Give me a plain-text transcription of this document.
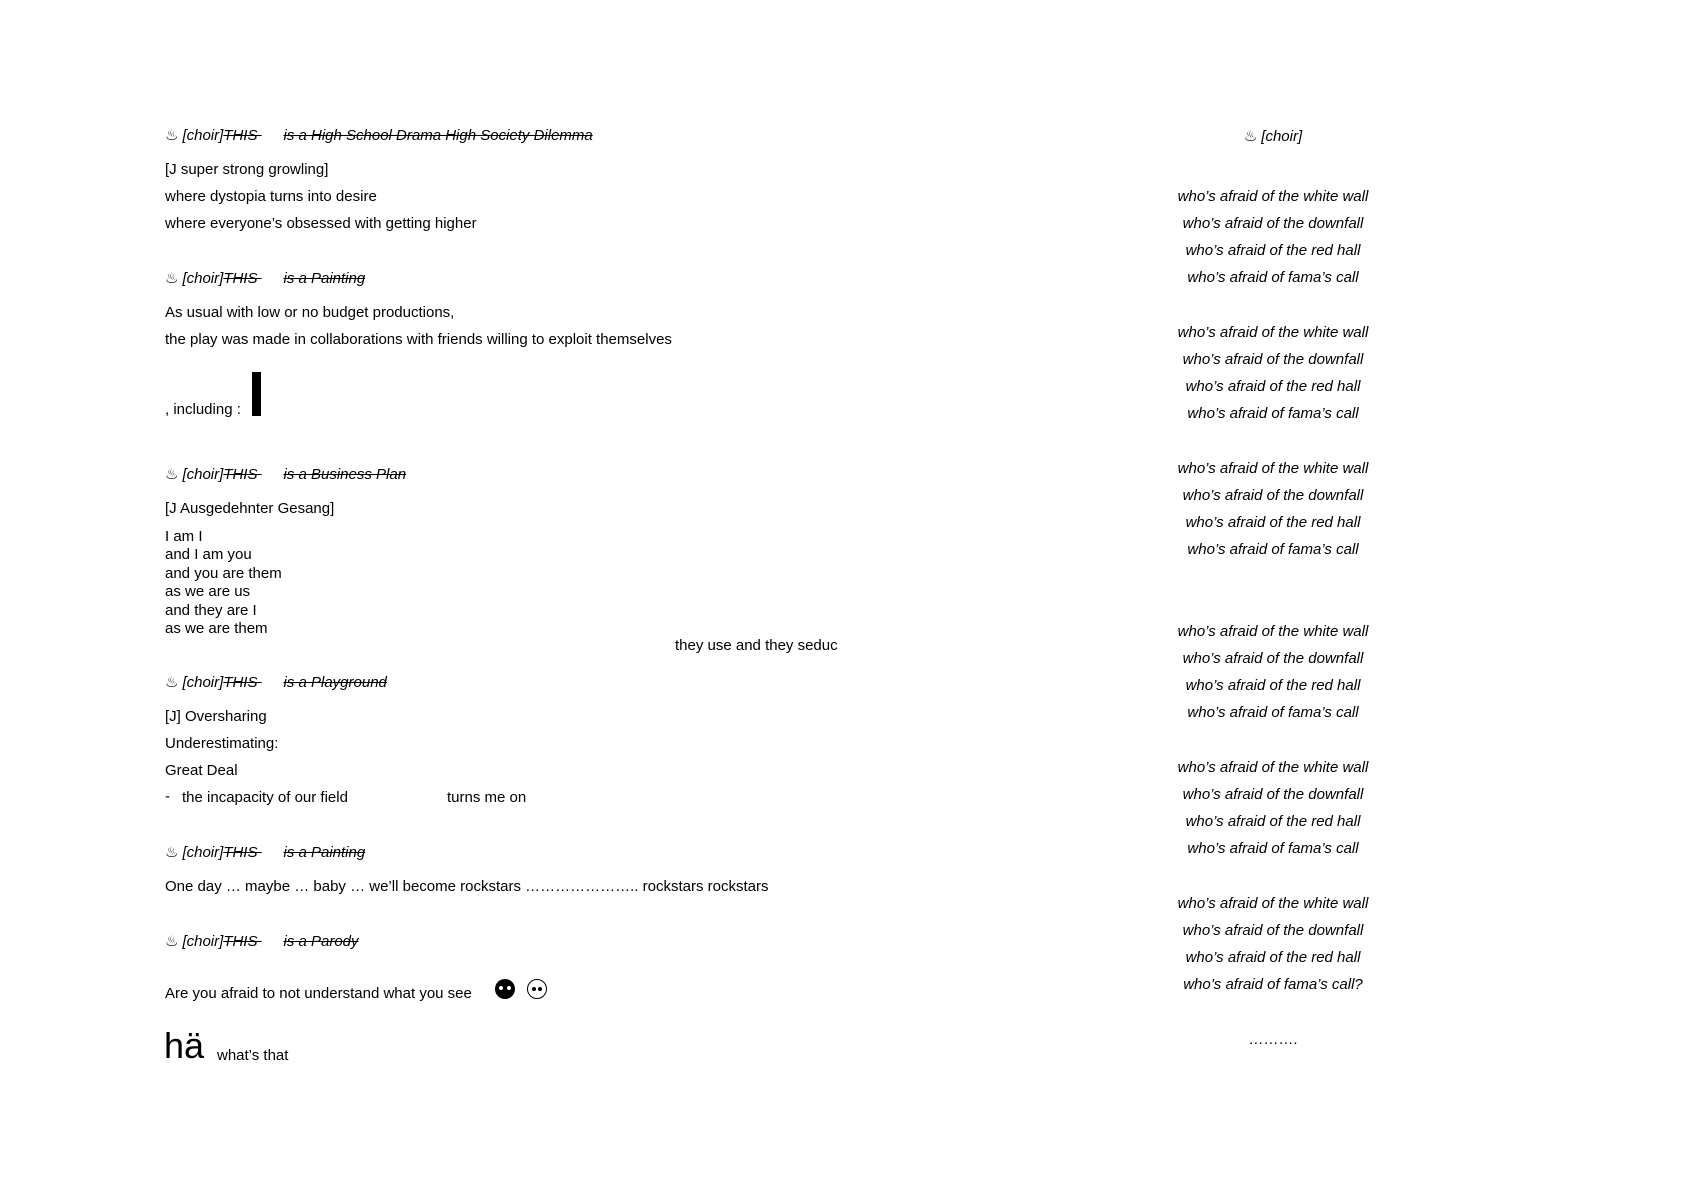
♨ [choir]THIS is a High School Drama High Society Dilemma
[J super strong growling]
where dystopia turns into desire
where everyone’s obsessed with getting higher
♨ [choir]THIS is a Painting
As usual with low or no budget productions,
the play was made in collaborations with friends willing to exploit themselves
, including :
♨ [choir]THIS is a Business Plan
[J Ausgedehnter Gesang]
I am I
and I am you
and you are them
as we are us
and they are I
as we are them
they use and they seduc
♨ [choir]THIS is a Playground
[J] Oversharing
Underestimating:
Great Deal
- the incapacity of our field	turns me on
♨ [choir]THIS is a Painting
One day … maybe … baby … we’ll become rockstars ………………….. rockstars rockstars
♨ [choir]THIS is a Parody
Are you afraid to not understand what you see
hä what’s that
♨ [choir]
who’s afraid of the white wall
who’s afraid of the downfall
who’s afraid of the red hall
who’s afraid of fama’s call
who’s afraid of the white wall
who’s afraid of the downfall
who’s afraid of the red hall
who’s afraid of fama’s call
who’s afraid of the white wall
who’s afraid of the downfall
who’s afraid of the red hall
who’s afraid of fama’s call
who’s afraid of the white wall
who’s afraid of the downfall
who’s afraid of the red hall
who’s afraid of fama’s call
who’s afraid of the white wall
who’s afraid of the downfall
who’s afraid of the red hall
who’s afraid of fama’s call
who’s afraid of the white wall
who’s afraid of the downfall
who’s afraid of the red hall
who’s afraid of fama’s call?
……….
